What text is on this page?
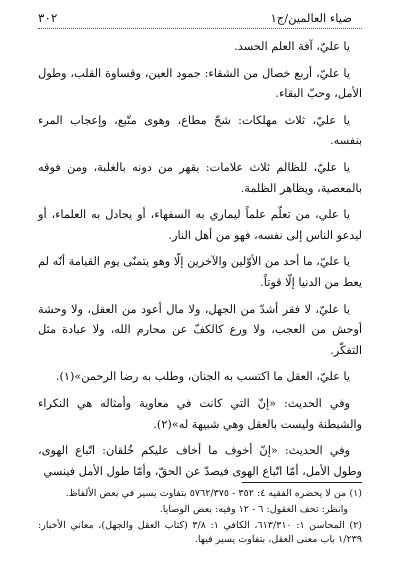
ضياء العالمين/ج١
٣٠٢

يا عليّ، آفة العلم الحسد.

يا عليّ، أربع خصال من الشقاء: جمود العين، وقساوة القلب، وطول الأمل، وحبّ البقاء.

يا عليّ، ثلاث مهلكات: شحّ مطاع، وهوى متّبع، وإعجاب المرء بنفسه.

يا عليّ، للظالم ثلاث علامات: يقهر من دونه بالغلبة، ومن فوقه بالمعصية، ويظاهر الظلمة.

يا علي، من تعلّم علماً ليماري به السفهاء، أو يجادل به العلماء، أو ليدعو الناس إلى نفسه، فهو من أهل النار.

يا عليّ، ما أحد من الأوّلين والآخرين إلّا وهو يتمنّى يوم القيامة أنّه لم يعط من الدنيا إلّا قوتاً.

يا عليّ، لا فقر أشدّ من الجهل، ولا مال أعود من العقل، ولا وحشة أوحش من العجب، ولا ورع كالكفّ عن محارم الله، ولا عبادة مثل التفكّر.

يا عليّ، العقل ما اكتسب به الجنان، وطلب به رضا الرحمن»(١).

وفي الحديث: «إنّ التي كانت في معاوية وأمثاله هي النكراء والشيطنة وليست بالعقل وهي شبيهة له»(٢).

وفي الحديث: «إنّ أخوف ما أخاف عليكم خُلقان: اتّباع الهوى، وطول الأمل، أمّا اتّباع الهوى فيصدّ عن الحقّ، وأمّا طول الأمل فينسي

(١) من لا يحضره الفقيه ٤: ٣٥٢ - ٥٧٦٢/٣٧٥ بتفاوت يسير في بعض الألفاظ.

وانظر: تحف العقول: ٦ - ١٢ وفيه: بعض الوصايا.

(٢) المحاسن ١: ٦١٣/٣١٠، الكافي ١: ٣/٨ (كتاب العقل والجهل)، معاني الأخبار: ١/٢٣٩ باب معنى العقل، بتفاوت يسير فيها.
